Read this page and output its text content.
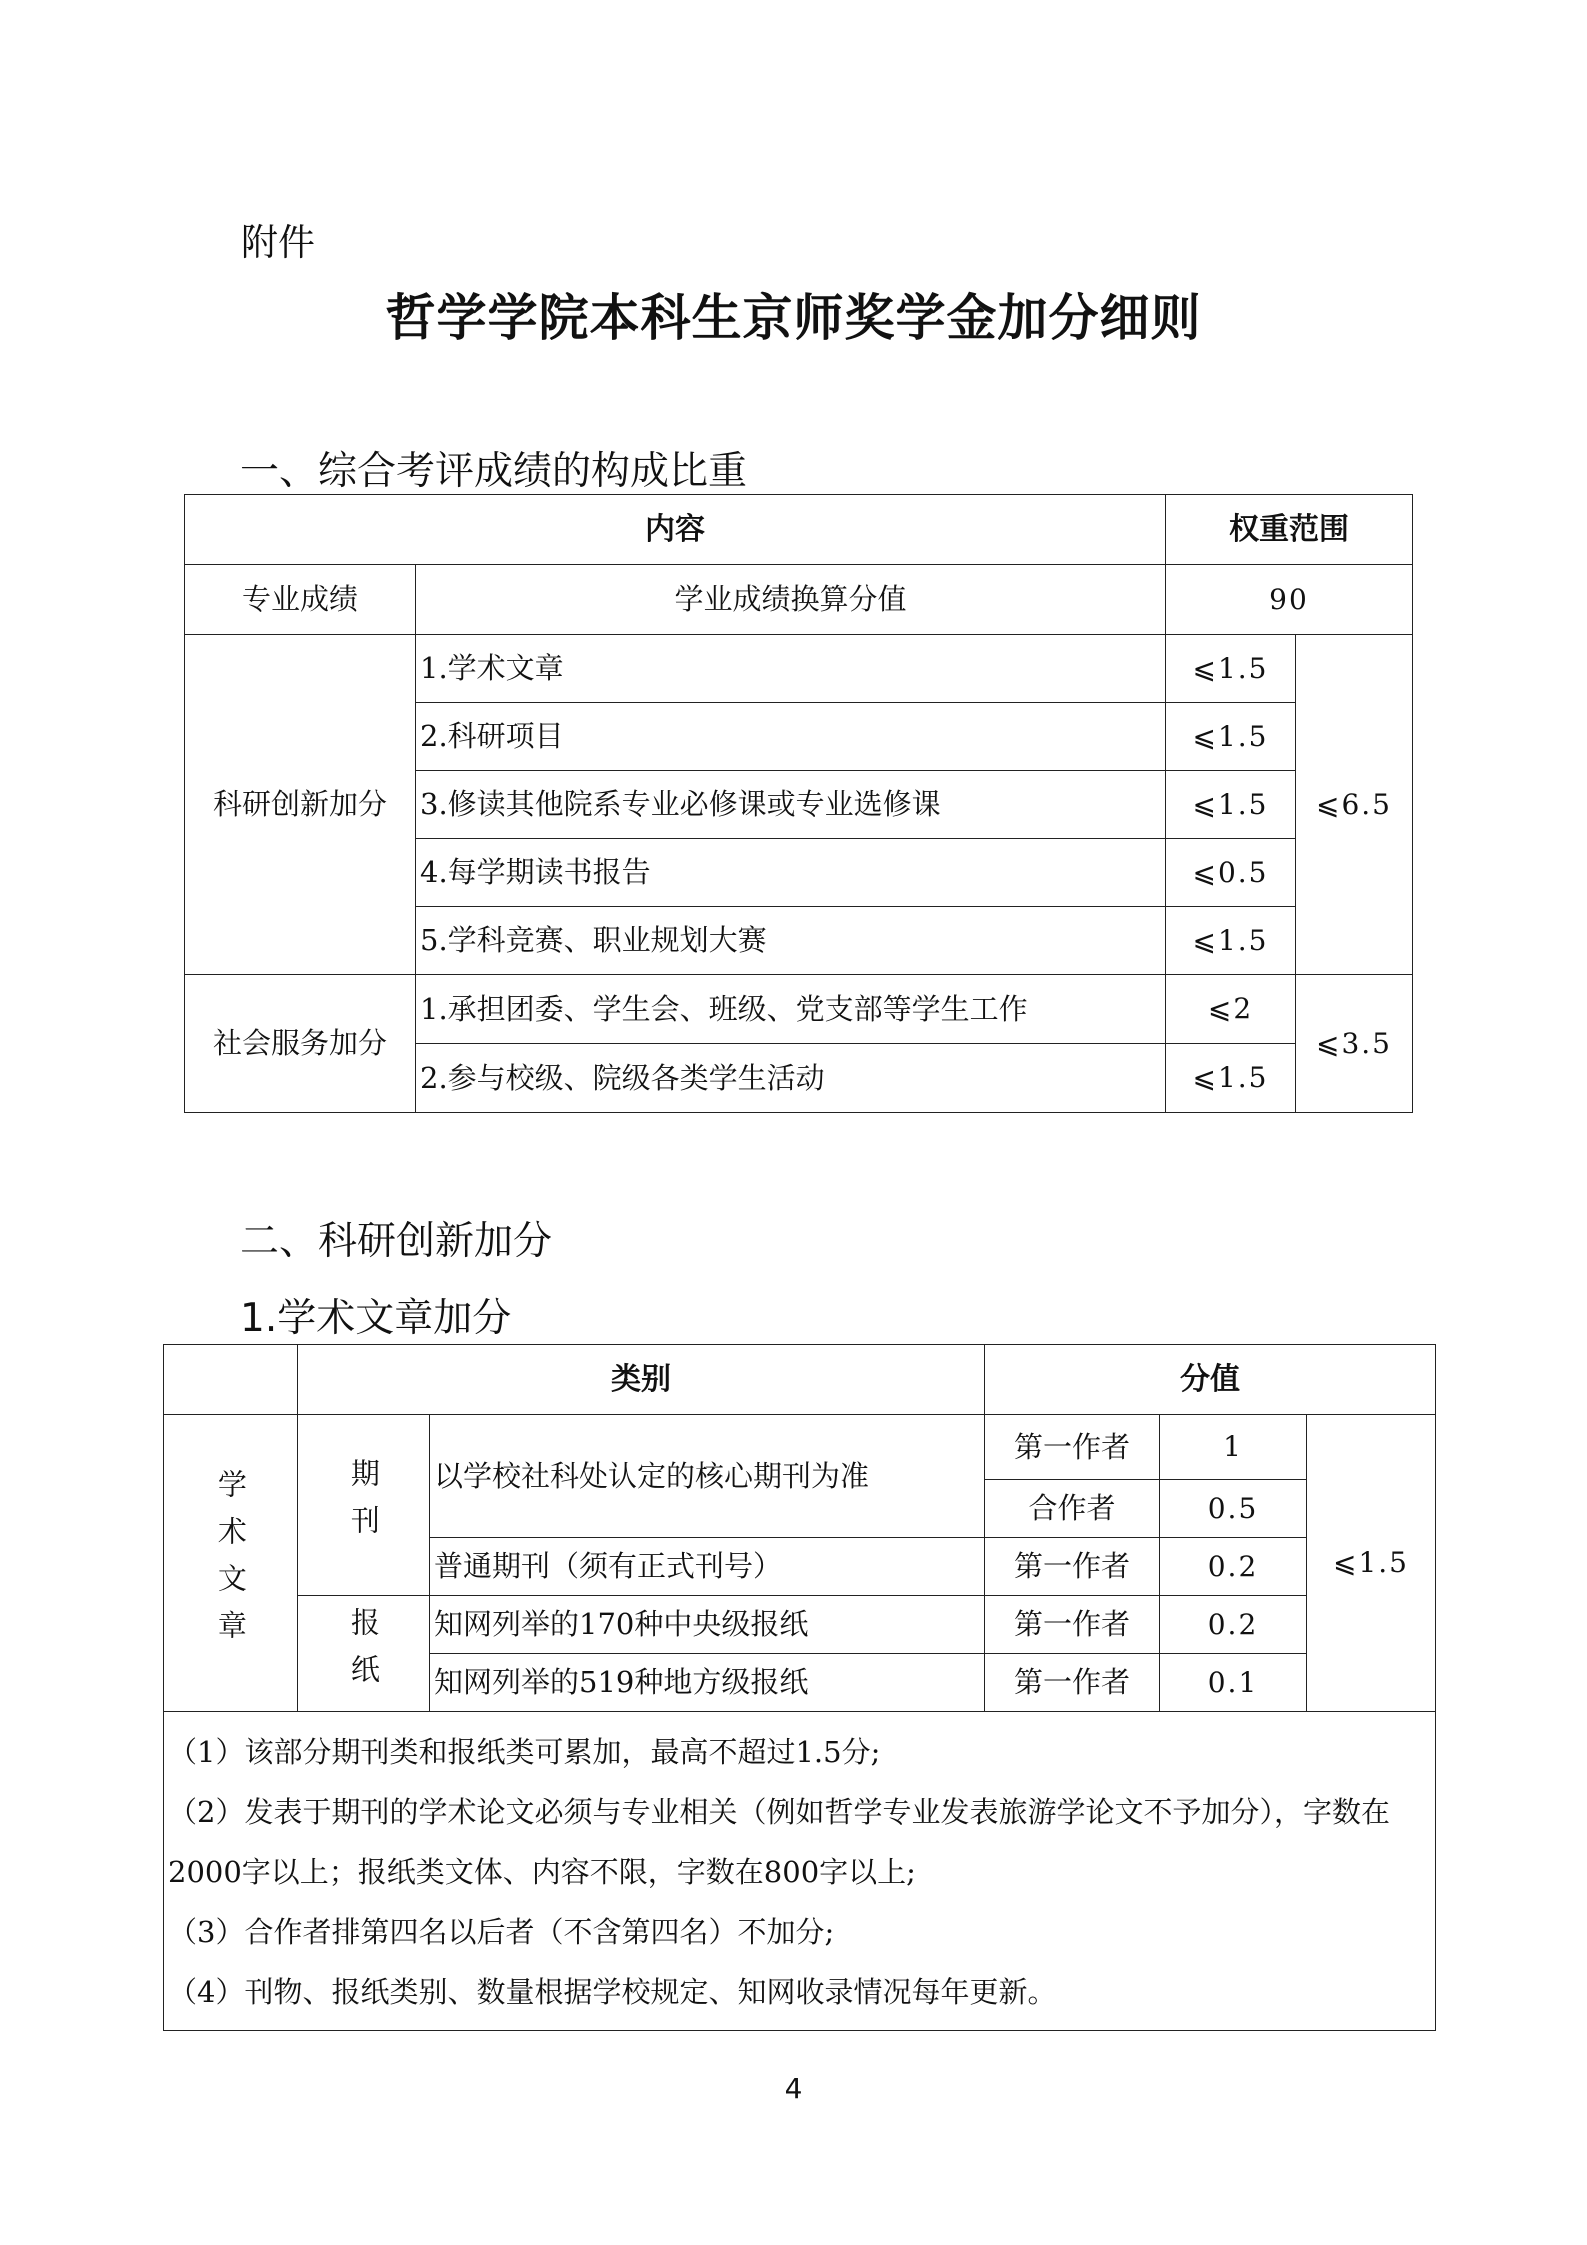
附件
哲学学院本科生京师奖学金加分细则
一、综合考评成绩的构成比重
内容		权重范围	
专业成绩	学业成绩换算分值	90	
科研创新加分	1.学术文章	⩽1.5	⩽6.5
	2.科研项目	⩽1.5	
	3.修读其他院系专业必修课或专业选修课	⩽1.5	
	4.每学期读书报告	⩽0.5	
	5.学科竞赛、职业规划大赛	⩽1.5	
社会服务加分	1.承担团委、学生会、班级、党支部等学生工作	⩽2	⩽3.5
	2.参与校级、院级各类学生活动	⩽1.5	
二、科研创新加分
1.学术文章加分
	类别		分值		

学术文章	期刊	以学校社科处认定的核心期刊为准	第一作者	1	⩽1.5
			合作者	0.5	
		普通期刊（须有正式刊号）	第一作者	0.2	

	报纸	知网列举的170种中央级报纸	第一作者	0.2	
		知网列举的519种地方级报纸	第一作者	0.1	

（1）该部分期刊类和报纸类可累加，最高不超过1.5分;
（2）发表于期刊的学术论文必须与专业相关（例如哲学专业发表旅游学论文不予加分），字数在2000字以上；报纸类文体、内容不限，字数在800字以上;
（3）合作者排第四名以后者（不含第四名）不加分;
（4）刊物、报纸类别、数量根据学校规定、知网收录情况每年更新。					
4
